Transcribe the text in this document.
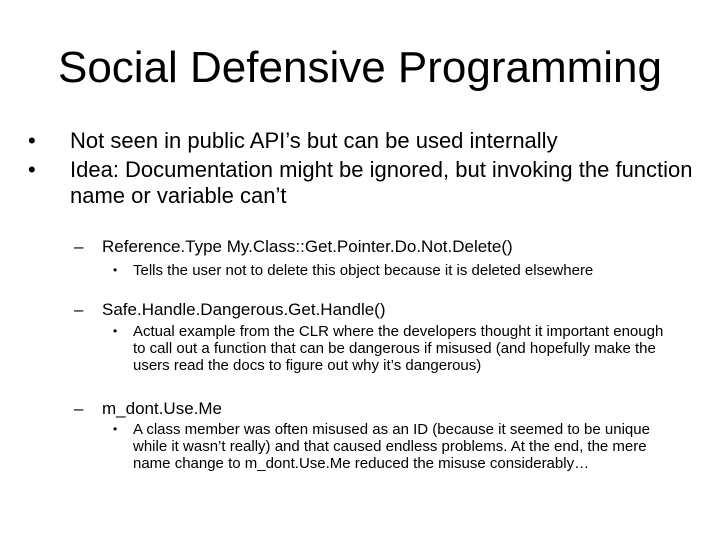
Social Defensive Programming
•	Not seen in public API’s but can be used internally
•	Idea: Documentation might be ignored, but invoking the function name or variable can’t
–	Reference.Type My.Class::Get.Pointer.Do.Not.Delete()
•	Tells the user not to delete this object because it is deleted elsewhere
–	Safe.Handle.Dangerous.Get.Handle()
•	Actual example from the CLR where the developers thought it important enough to call out a function that can be dangerous if misused (and hopefully make the users read the docs to figure out why it’s dangerous)
–	m_dont.Use.Me
•	A class member was often misused as an ID (because it seemed to be unique while it wasn’t really) and that caused endless problems. At the end, the mere name change to m_dont.Use.Me reduced the misuse considerably…
